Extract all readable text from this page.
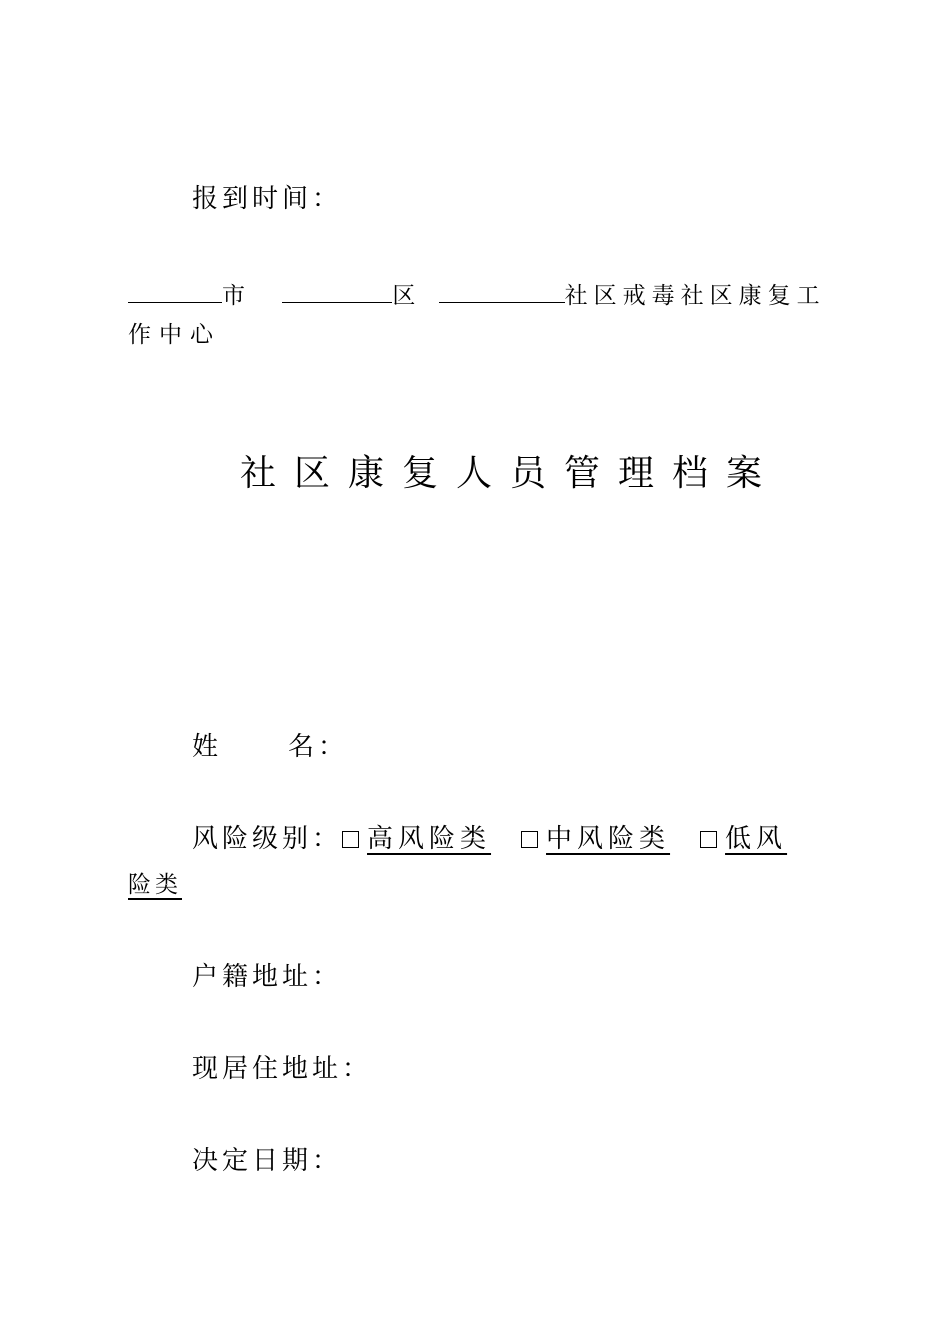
报到时间：
市	区	社区戒毒社区康复工
作中心
社区康复人员管理档案
姓	名：
风险级别： 高风险类 中风险类 低风
险类
户籍地址：
现居住地址：
决定日期：
